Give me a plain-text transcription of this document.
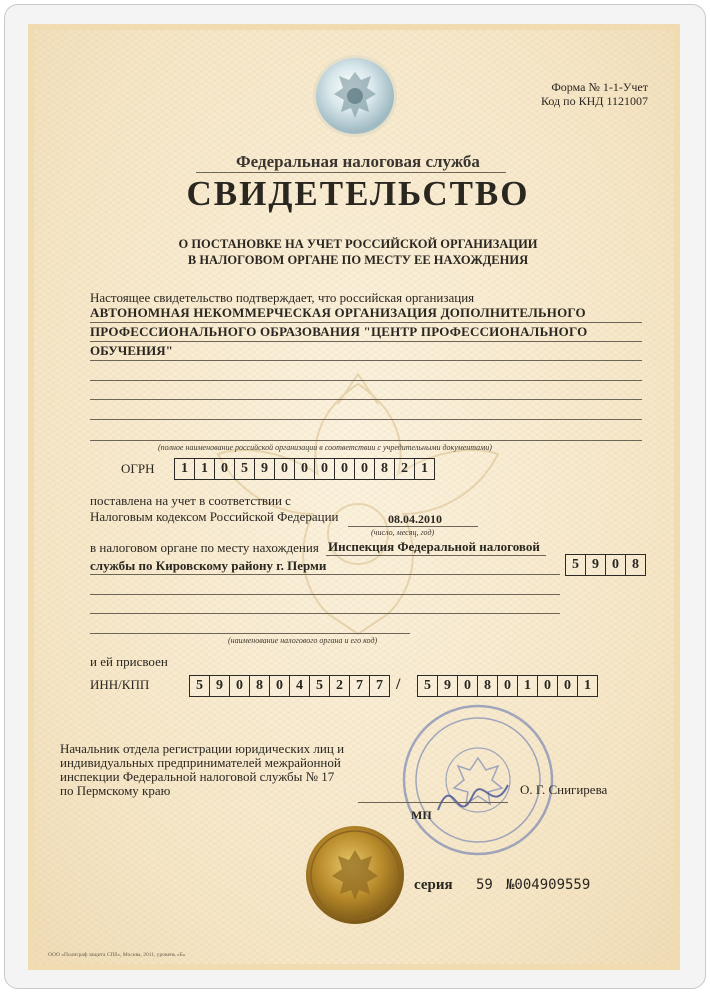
Форма № 1-1-Учет
Код по КНД 1121007
Федеральная налоговая служба
СВИДЕТЕЛЬСТВО
О ПОСТАНОВКЕ НА УЧЕТ РОССИЙСКОЙ ОРГАНИЗАЦИИ
В НАЛОГОВОМ ОРГАНЕ ПО МЕСТУ ЕЕ НАХОЖДЕНИЯ
Настоящее свидетельство подтверждает, что российская организация
АВТОНОМНАЯ НЕКОММЕРЧЕСКАЯ ОРГАНИЗАЦИЯ ДОПОЛНИТЕЛЬНОГО
ПРОФЕССИОНАЛЬНОГО ОБРАЗОВАНИЯ "ЦЕНТР ПРОФЕССИОНАЛЬНОГО
ОБУЧЕНИЯ"
(полное наименование российской организации в соответствии с учредительными документами)
ОГРН	1 1 0 5 9 0 0 0 0 0 8 2 1
поставлена на учет в соответствии с
Налоговым кодексом Российской Федерации	08.04.2010
(число, месяц, год)
в налоговом органе по месту нахождения Инспекция Федеральной налоговой
службы по Кировскому району г. Перми	5 9 0 8
(наименование налогового органа и его код)
и ей присвоен
ИНН/КПП	5 9 0 8 0 4 5 2 7 7 /	5 9 0 8 0 1 0 0 1
Начальник отдела регистрации юридических лиц и
индивидуальных предпринимателей межрайонной
инспекции Федеральной налоговой службы № 17
по Пермскому краю	О. Г. Снигирева
МП
серия 59 №004909559
ООО «Полиграф защита СПб», Москва, 2011, уровень «Б»
